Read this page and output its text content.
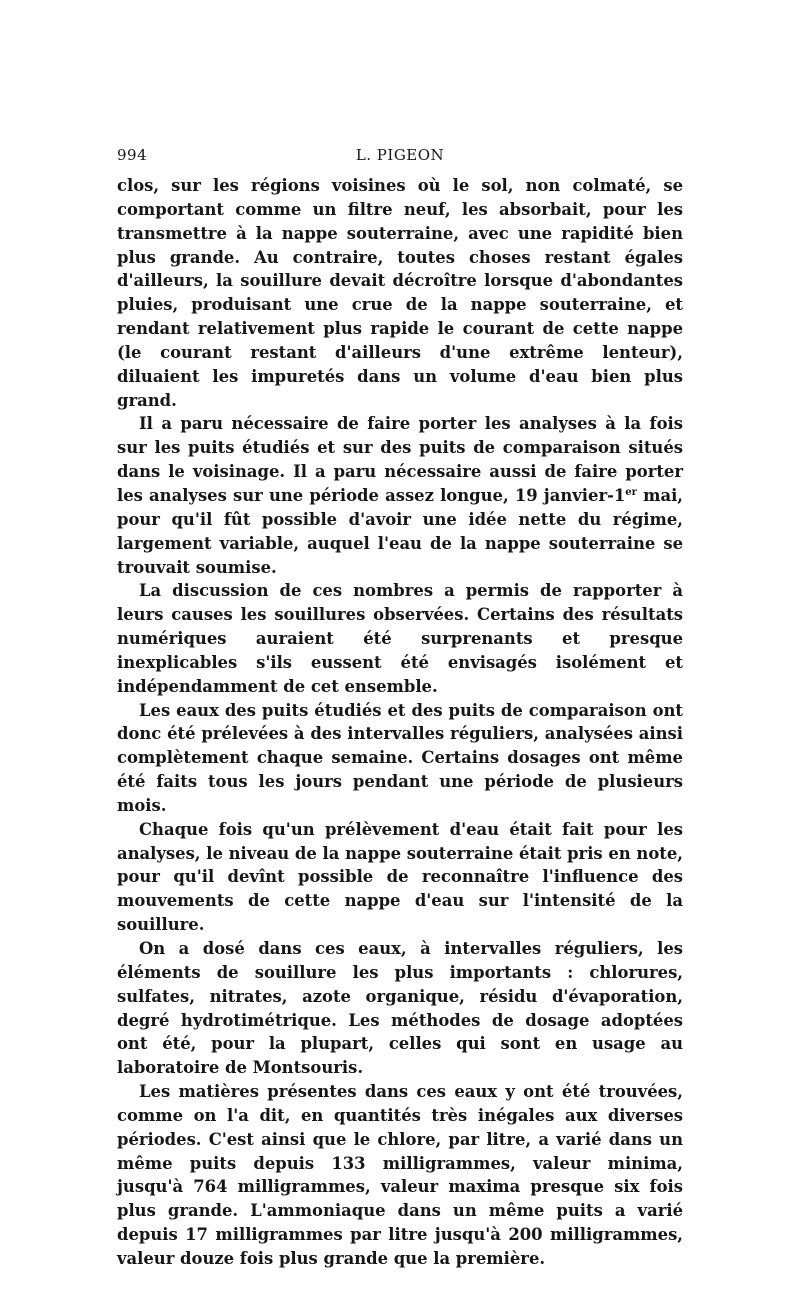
994	L. PIGEON

clos, sur les régions voisines où le sol, non colmaté, se comportant comme un filtre neuf, les absorbait, pour les transmettre à la nappe souterraine, avec une rapidité bien plus grande. Au contraire, toutes choses restant égales d'ailleurs, la souillure devait décroître lorsque d'abondantes pluies, produisant une crue de la nappe souterraine, et rendant relativement plus rapide le courant de cette nappe (le courant restant d'ailleurs d'une extrême lenteur), diluaient les impuretés dans un volume d'eau bien plus grand.

Il a paru nécessaire de faire porter les analyses à la fois sur les puits étudiés et sur des puits de comparaison situés dans le voisinage. Il a paru nécessaire aussi de faire porter les analyses sur une période assez longue, 19 janvier-1er mai, pour qu'il fût possible d'avoir une idée nette du régime, largement variable, auquel l'eau de la nappe souterraine se trouvait soumise.

La discussion de ces nombres a permis de rapporter à leurs causes les souillures observées. Certains des résultats numériques auraient été surprenants et presque inexplicables s'ils eussent été envisagés isolément et indépendamment de cet ensemble.

Les eaux des puits étudiés et des puits de comparaison ont donc été prélevées à des intervalles réguliers, analysées ainsi complètement chaque semaine. Certains dosages ont même été faits tous les jours pendant une période de plusieurs mois.

Chaque fois qu'un prélèvement d'eau était fait pour les analyses, le niveau de la nappe souterraine était pris en note, pour qu'il devînt possible de reconnaître l'influence des mouvements de cette nappe d'eau sur l'intensité de la souillure.

On a dosé dans ces eaux, à intervalles réguliers, les éléments de souillure les plus importants : chlorures, sulfates, nitrates, azote organique, résidu d'évaporation, degré hydrotimétrique. Les méthodes de dosage adoptées ont été, pour la plupart, celles qui sont en usage au laboratoire de Montsouris.

Les matières présentes dans ces eaux y ont été trouvées, comme on l'a dit, en quantités très inégales aux diverses périodes. C'est ainsi que le chlore, par litre, a varié dans un même puits depuis 133 milligrammes, valeur minima, jusqu'à 764 milligrammes, valeur maxima presque six fois plus grande. L'ammoniaque dans un même puits a varié depuis 17 milligrammes par litre jusqu'à 200 milligrammes, valeur douze fois plus grande que la première.
